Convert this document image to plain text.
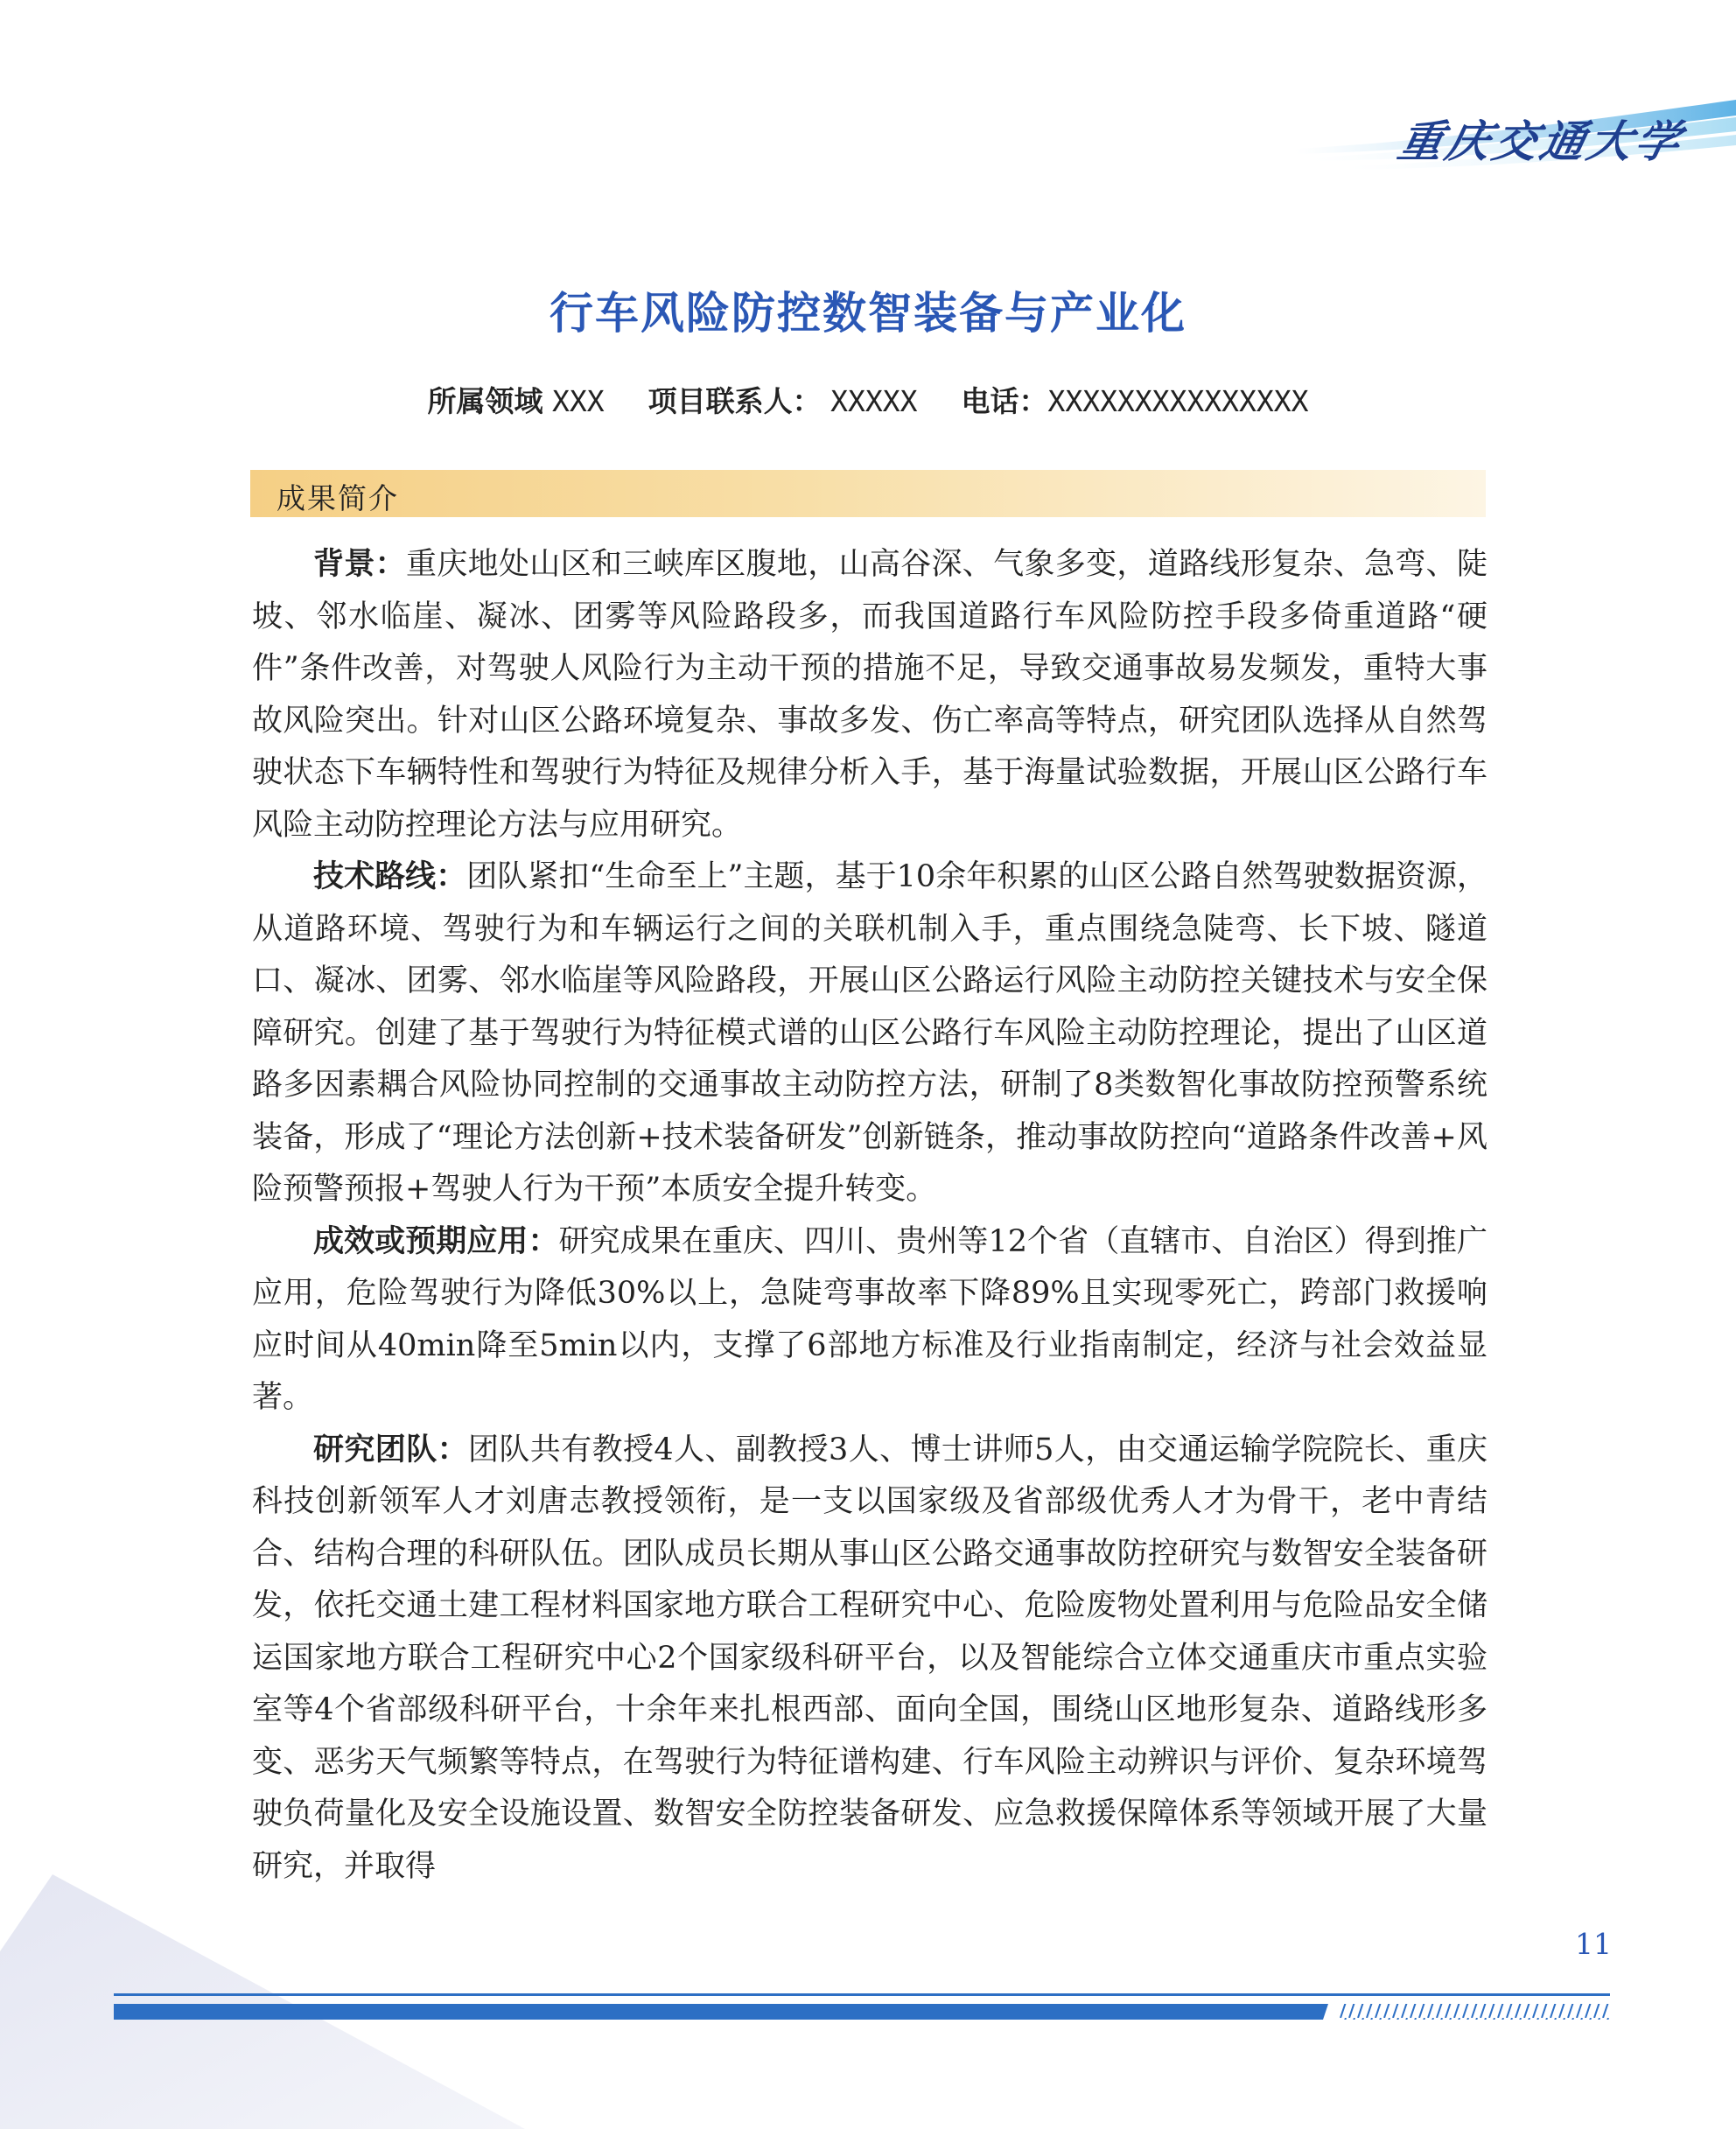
重庆交通大学
行车风险防控数智装备与产业化
所属领域 XXX 项目联系人： XXXXX 电话：XXXXXXXXXXXXXXX
成果简介

背景：重庆地处山区和三峡库区腹地，山高谷深、气象多变，道路线形复杂、急弯、陡坡、邻水临崖、凝冰、团雾等风险路段多，而我国道路行车风险防控手段多倚重道路“硬件”条件改善，对驾驶人风险行为主动干预的措施不足，导致交通事故易发频发，重特大事故风险突出。针对山区公路环境复杂、事故多发、伤亡率高等特点，研究团队选择从自然驾驶状态下车辆特性和驾驶行为特征及规律分析入手，基于海量试验数据，开展山区公路行车风险主动防控理论方法与应用研究。

技术路线：团队紧扣“生命至上”主题，基于10余年积累的山区公路自然驾驶数据资源，从道路环境、驾驶行为和车辆运行之间的关联机制入手，重点围绕急陡弯、长下坡、隧道口、凝冰、团雾、邻水临崖等风险路段，开展山区公路运行风险主动防控关键技术与安全保障研究。创建了基于驾驶行为特征模式谱的山区公路行车风险主动防控理论，提出了山区道路多因素耦合风险协同控制的交通事故主动防控方法，研制了8类数智化事故防控预警系统装备，形成了“理论方法创新+技术装备研发”创新链条，推动事故防控向“道路条件改善+风险预警预报+驾驶人行为干预”本质安全提升转变。

成效或预期应用：研究成果在重庆、四川、贵州等12个省（直辖市、自治区）得到推广应用，危险驾驶行为降低30%以上，急陡弯事故率下降89%且实现零死亡，跨部门救援响应时间从40min降至5min以内，支撑了6部地方标准及行业指南制定，经济与社会效益显著。

研究团队：团队共有教授4人、副教授3人、博士讲师5人，由交通运输学院院长、重庆科技创新领军人才刘唐志教授领衔，是一支以国家级及省部级优秀人才为骨干，老中青结合、结构合理的科研队伍。团队成员长期从事山区公路交通事故防控研究与数智安全装备研发，依托交通土建工程材料国家地方联合工程研究中心、危险废物处置利用与危险品安全储运国家地方联合工程研究中心2个国家级科研平台，以及智能综合立体交通重庆市重点实验室等4个省部级科研平台，十余年来扎根西部、面向全国，围绕山区地形复杂、道路线形多变、恶劣天气频繁等特点，在驾驶行为特征谱构建、行车风险主动辨识与评价、复杂环境驾驶负荷量化及安全设施设置、数智安全防控装备研发、应急救援保障体系等领域开展了大量研究，并取得

11
